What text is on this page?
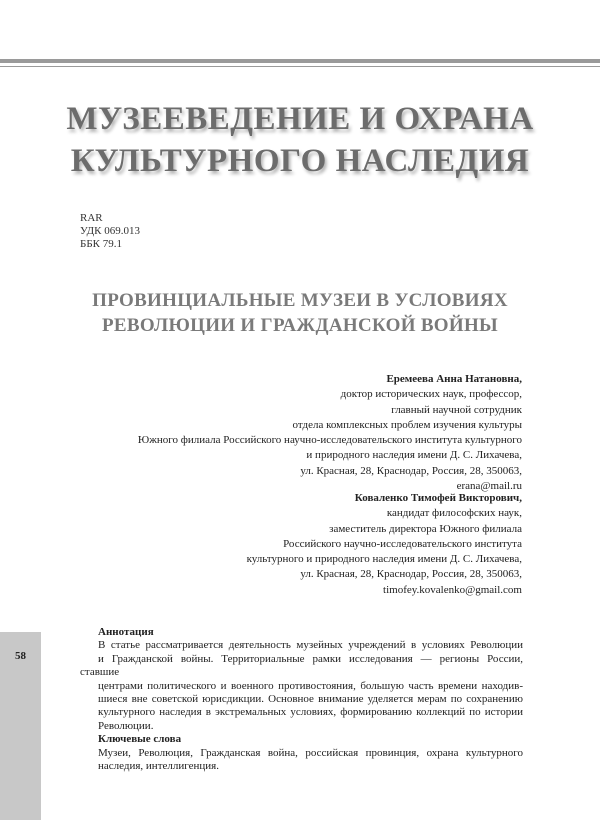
МУЗЕЕВЕДЕНИЕ И ОХРАНА
КУЛЬТУРНОГО НАСЛЕДИЯ
RAR
УДК 069.013
ББК 79.1
ПРОВИНЦИАЛЬНЫЕ МУЗЕИ В УСЛОВИЯХ
РЕВОЛЮЦИИ И ГРАЖДАНСКОЙ ВОЙНЫ
Еремеева Анна Натановна,
доктор исторических наук, профессор,
главный научной сотрудник
отдела комплексных проблем изучения культуры
Южного филиала Российского научно-исследовательского института культурного
и природного наследия имени Д. С. Лихачева,
ул. Красная, 28, Краснодар, Россия, 28, 350063,
erana@mail.ru
Коваленко Тимофей Викторович,
кандидат философских наук,
заместитель директора Южного филиала
Российского научно-исследовательского института
культурного и природного наследия имени Д. С. Лихачева,
ул. Красная, 28, Краснодар, Россия, 28, 350063,
timofey.kovalenko@gmail.com
58
Аннотация
В статье рассматривается деятельность музейных учреждений в условиях Революции
и Гражданской войны. Территориальные рамки исследования — регионы России, ставшие
центрами политического и военного противостояния, большую часть времени находив-
шиеся вне советской юрисдикции. Основное внимание уделяется мерам по сохранению
культурного наследия в экстремальных условиях, формированию коллекций по истории
Революции.
Ключевые слова
Музеи, Революция, Гражданская война, российская провинция, охрана культурного
наследия, интеллигенция.
